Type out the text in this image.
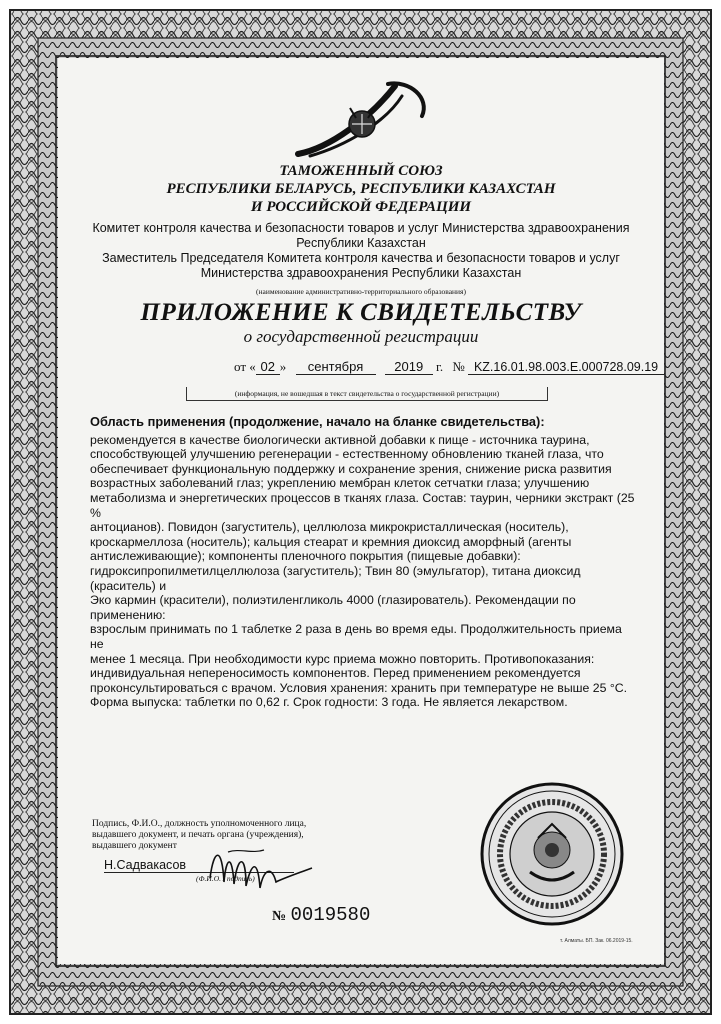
ТАМОЖЕННЫЙ СОЮЗ
РЕСПУБЛИКИ БЕЛАРУСЬ, РЕСПУБЛИКИ КАЗАХСТАН
И РОССИЙСКОЙ ФЕДЕРАЦИИ
Комитет контроля качества и безопасности товаров и услуг Министерства здравоохранения
Республики Казахстан
Заместитель Председателя Комитета контроля качества и безопасности товаров и услуг
Министерства здравоохранения Республики Казахстан
(наименование административно-территориального образования)
ПРИЛОЖЕНИЕ К СВИДЕТЕЛЬСТВУ
о государственной регистрации
от « 02 » сентября 2019 г. № KZ.16.01.98.003.E.000728.09.19
(информация, не вошедшая в текст свидетельства о государственной регистрации)

Область применения (продолжение, начало на бланке свидетельства):

рекомендуется в качестве биологически активной добавки к пище - источника таурина,

способствующей улучшению регенерации - естественному обновлению тканей глаза, что

обеспечивает функциональную поддержку и сохранение зрения, снижение риска развития

возрастных заболеваний глаз; укреплению мембран клеток сетчатки глаза; улучшению

метаболизма и энергетических процессов в тканях глаза. Состав: таурин, черники экстракт (25 %

антоцианов). Повидон (загуститель), целлюлоза микрокристаллическая (носитель),

кроскармеллоза (носитель); кальция стеарат и кремния диоксид аморфный (агенты

антислеживающие); компоненты пленочного покрытия (пищевые добавки):

гидроксипропилметилцеллюлоза (загуститель); Твин 80 (эмульгатор), титана диоксид (краситель) и

Эко кармин (красители), полиэтиленгликоль 4000 (глазирователь). Рекомендации по применению:

взрослым принимать по 1 таблетке 2 раза в день во время еды. Продолжительность приема не

менее 1 месяца. При необходимости курс приема можно повторить. Противопоказания:

индивидуальная непереносимость компонентов. Перед применением рекомендуется

проконсультироваться с врачом. Условия хранения: хранить при температуре не выше 25 °С.

Форма выпуска: таблетки по 0,62 г. Срок годности: 3 года. Не является лекарством.

Подпись, Ф.И.О., должность уполномоченного лица,
выдавшего документ, и печать органа (учреждения),
выдавшего документ
Н.Садвакасов
(Ф.И.О. / подпись)
№ 0019580
т. Алматы. БП. Зак. 06.2019-15.
